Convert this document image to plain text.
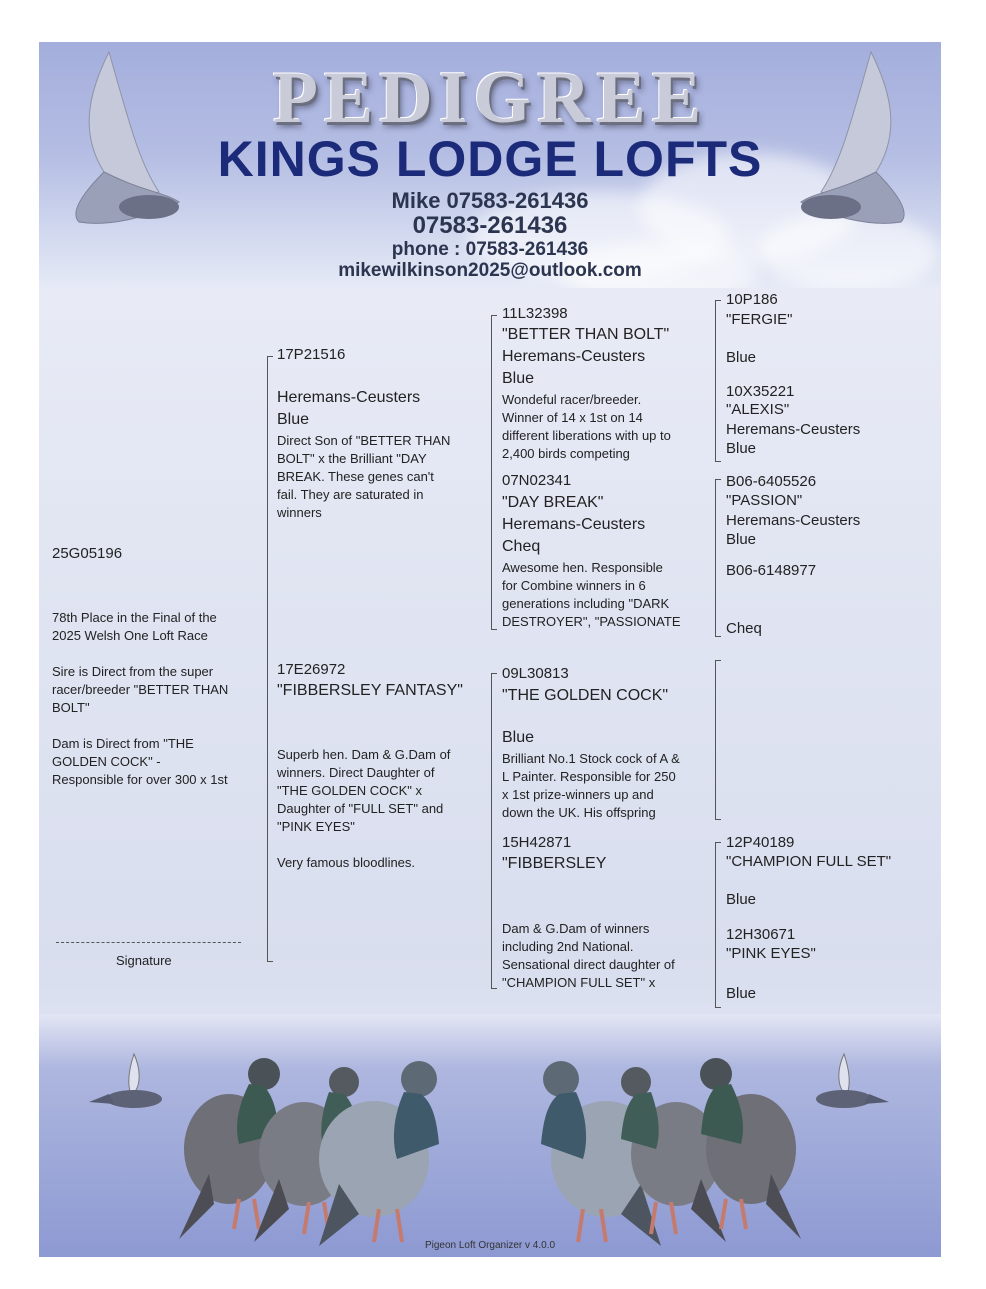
PEDIGREE
KINGS LODGE LOFTS
Mike 07583-261436
07583-261436
phone : 07583-261436
mikewilkinson2025@outlook.com
25G05196
78th Place in the Final of the
2025 Welsh One Loft Race

Sire is Direct from the super
racer/breeder "BETTER THAN
BOLT"

Dam is Direct from "THE
GOLDEN COCK" -
Responsible for over 300 x 1st
Signature
17P21516
Heremans-Ceusters
Blue
Direct Son of "BETTER THAN
BOLT" x the Brilliant "DAY
BREAK. These genes can't
fail. They are saturated in
winners
17E26972
"FIBBERSLEY FANTASY"
Superb hen. Dam & G.Dam of
winners. Direct Daughter of
"THE GOLDEN COCK" x
Daughter of "FULL SET" and
"PINK EYES"

Very famous bloodlines.
11L32398
"BETTER THAN BOLT"
Heremans-Ceusters
Blue
Wondeful racer/breeder.
Winner of 14 x 1st on 14
different liberations with up to
2,400 birds competing
07N02341
"DAY BREAK"
Heremans-Ceusters
Cheq
Awesome hen. Responsible
for Combine winners in 6
generations including "DARK
DESTROYER", "PASSIONATE
09L30813
"THE GOLDEN COCK"
Blue
Brilliant No.1 Stock cock of A &
L Painter. Responsible for 250
x 1st prize-winners up and
down the UK. His offspring
15H42871
"FIBBERSLEY
Dam & G.Dam of winners
including 2nd National.
Sensational direct daughter of
"CHAMPION FULL SET" x
10P186
"FERGIE"
Blue
10X35221
"ALEXIS"
Heremans-Ceusters
Blue
B06-6405526
"PASSION"
Heremans-Ceusters
Blue
B06-6148977
Cheq
12P40189
"CHAMPION FULL SET"
Blue
12H30671
"PINK EYES"
Blue
Pigeon Loft Organizer v 4.0.0
